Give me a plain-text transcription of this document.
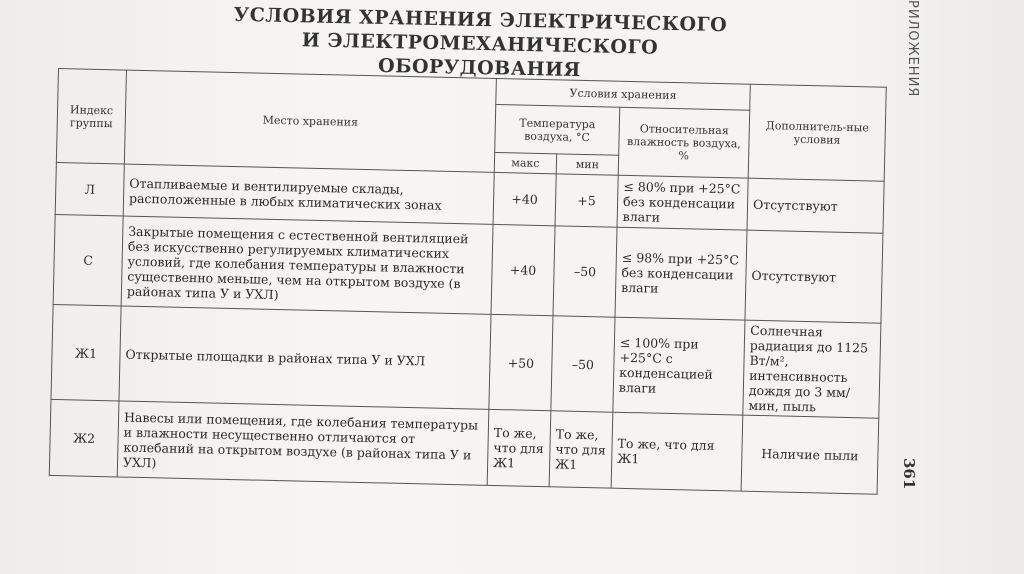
УСЛОВИЯ ХРАНЕНИЯ ЭЛЕКТРИЧЕСКОГО
И ЭЛЕКТРОМЕХАНИЧЕСКОГО ОБОРУДОВАНИЯ	РИЛОЖЕНИЯ
361
Индекс группы	Место хранения	Условия хранения			Дополнитель-ные условия
		Температура воздуха, °С		Относительная влажность воздуха, %	
		макс	мин		
Л	Отапливаемые и вентилируемые склады, расположенные в любых климатических зонах	+40	+5	≤ 80% при +25°С без конденсации влаги	Отсутствуют
С	Закрытые помещения с естественной вентиляцией без искусственно регулируемых климатических условий, где колебания температуры и влажности существенно меньше, чем на открытом воздухе (в районах типа У и УХЛ)	+40	–50	≤ 98% при +25°С без конденсации влаги	Отсутствуют
Ж1	Открытые площадки в районах типа У и УХЛ	+50	–50	≤ 100% при +25°С с конденсацией влаги	Солнечная радиация до 1125 Вт/м², интенсивность дождя до 3 мм/мин, пыль
Ж2	Навесы или помещения, где колебания температуры и влажности несущественно отличаются от колебаний на открытом воздухе (в районах типа У и УХЛ)	То же, что для Ж1	То же, что для Ж1	То же, что для Ж1	Наличие пыли
